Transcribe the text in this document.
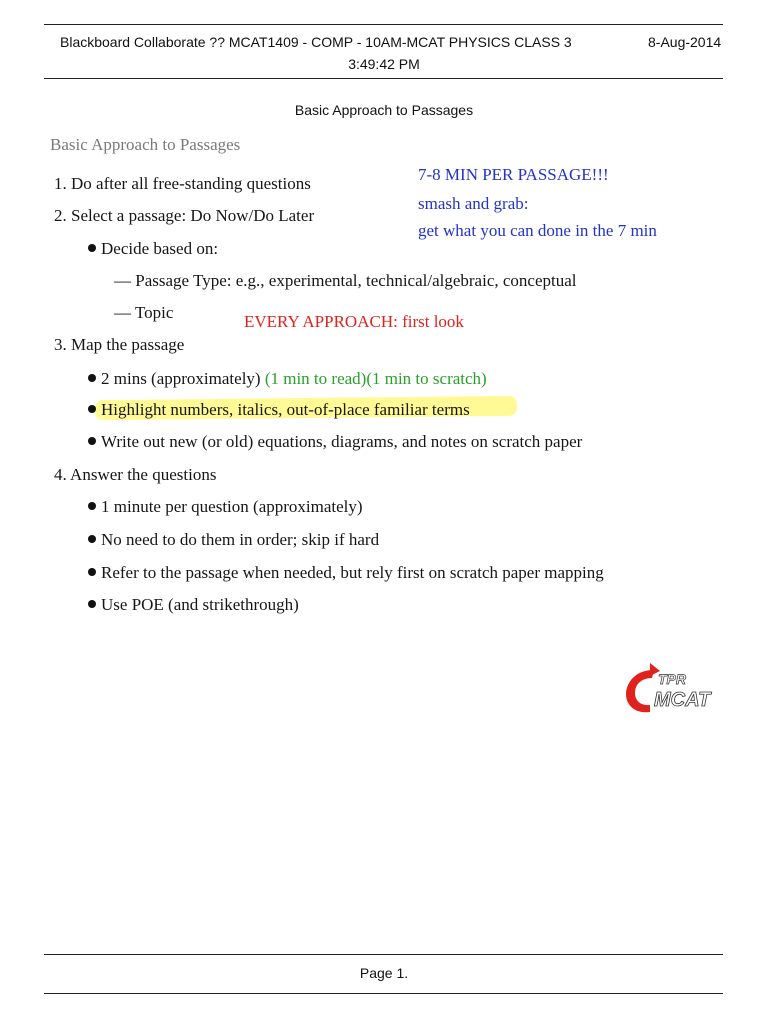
Blackboard Collaborate ?? MCAT1409 - COMP - 10AM-MCAT PHYSICS CLASS 3	8-Aug-2014
3:49:42 PM
Basic Approach to Passages
Basic Approach to Passages
1. Do after all free-standing questions
2. Select a passage: Do Now/Do Later
Decide based on:
— Passage Type: e.g., experimental, technical/algebraic, conceptual
— Topic
3. Map the passage
2 mins (approximately) (1 min to read)(1 min to scratch)
Highlight numbers, italics, out-of-place familiar terms
Write out new (or old) equations, diagrams, and notes on scratch paper
4. Answer the questions
1 minute per question (approximately)
No need to do them in order; skip if hard
Refer to the passage when needed, but rely first on scratch paper mapping
Use POE (and strikethrough)
7-8 MIN PER PASSAGE!!!
smash and grab:
get what you can done in the 7 min
EVERY APPROACH: first look
TPR
MCAT
Page 1.
